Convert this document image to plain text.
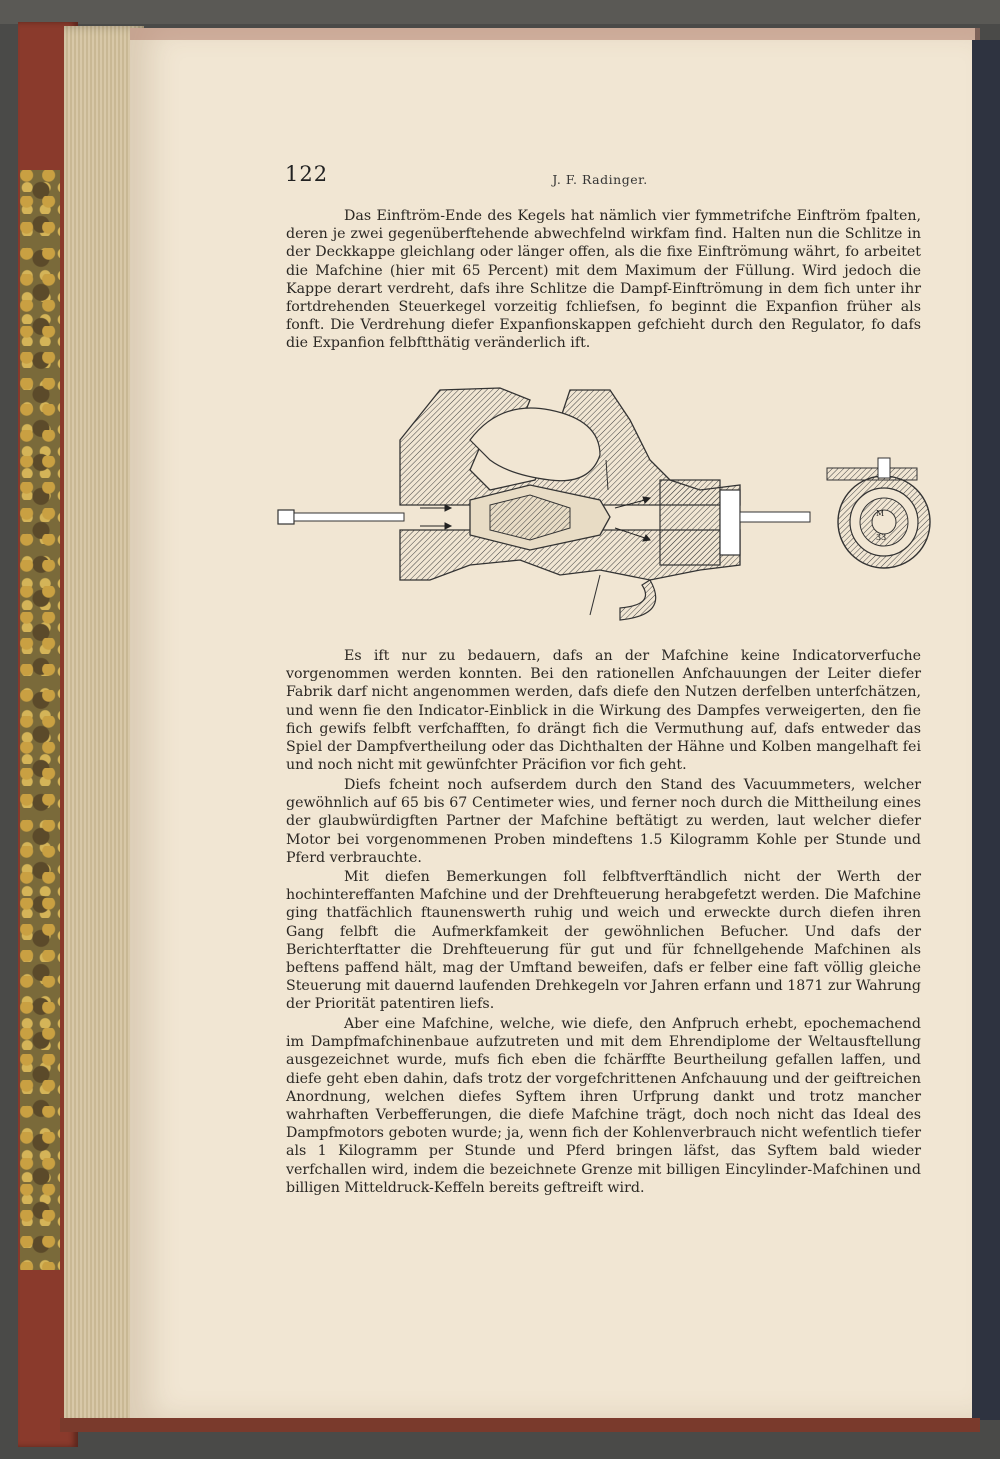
122	J. F. Radinger.

Das Einftröm-Ende des Kegels hat nämlich vier fymmetrifche Einftröm fpalten, deren je zwei gegenüberftehende abwechfelnd wirkfam find. Halten nun die Schlitze in der Deckkappe gleichlang oder länger offen, als die fixe Einftrömung währt, fo arbeitet die Mafchine (hier mit 65 Percent) mit dem Maximum der Füllung. Wird jedoch die Kappe derart verdreht, dafs ihre Schlitze die Dampf-Einftrömung in dem fich unter ihr fortdrehenden Steuerkegel vorzeitig fchliefsen, fo beginnt die Expanfion früher als fonft. Die Verdrehung diefer Expanfionskappen gefchieht durch den Regulator, fo dafs die Expanfion felbftthätig veränderlich ift.

M
33

Es ift nur zu bedauern, dafs an der Mafchine keine Indicatorverfuche vorgenommen werden konnten. Bei den rationellen Anfchauungen der Leiter diefer Fabrik darf nicht angenommen werden, dafs diefe den Nutzen derfelben unterfchätzen, und wenn fie den Indicator-Einblick in die Wirkung des Dampfes verweigerten, den fie fich gewifs felbft verfchafften, fo drängt fich die Vermuthung auf, dafs entweder das Spiel der Dampfvertheilung oder das Dichthalten der Hähne und Kolben mangelhaft fei und noch nicht mit gewünfchter Präcifion vor fich geht.

Diefs fcheint noch aufserdem durch den Stand des Vacuummeters, welcher gewöhnlich auf 65 bis 67 Centimeter wies, und ferner noch durch die Mittheilung eines der glaubwürdigften Partner der Mafchine beftätigt zu werden, laut welcher diefer Motor bei vorgenommenen Proben mindeftens 1.5 Kilogramm Kohle per Stunde und Pferd verbrauchte.

Mit diefen Bemerkungen foll felbftverftändlich nicht der Werth der hochintereffanten Mafchine und der Drehfteuerung herabgefetzt werden. Die Mafchine ging thatfächlich ftaunenswerth ruhig und weich und erweckte durch diefen ihren Gang felbft die Aufmerkfamkeit der gewöhnlichen Befucher. Und dafs der Berichterftatter die Drehfteuerung für gut und für fchnellgehende Mafchinen als beftens paffend hält, mag der Umftand beweifen, dafs er felber eine faft völlig gleiche Steuerung mit dauernd laufenden Drehkegeln vor Jahren erfann und 1871 zur Wahrung der Priorität patentiren liefs.

Aber eine Mafchine, welche, wie diefe, den Anfpruch erhebt, epochemachend im Dampfmafchinenbaue aufzutreten und mit dem Ehrendiplome der Weltausftellung ausgezeichnet wurde, mufs fich eben die fchärffte Beurtheilung gefallen laffen, und diefe geht eben dahin, dafs trotz der vorgefchrittenen Anfchauung und der geiftreichen Anordnung, welchen diefes Syftem ihren Urfprung dankt und trotz mancher wahrhaften Verbefferungen, die diefe Mafchine trägt, doch noch nicht das Ideal des Dampfmotors geboten wurde; ja, wenn fich der Kohlenverbrauch nicht wefentlich tiefer als 1 Kilogramm per Stunde und Pferd bringen läfst, das Syftem bald wieder verfchallen wird, indem die bezeichnete Grenze mit billigen Eincylinder-Mafchinen und billigen Mitteldruck-Keffeln bereits geftreift wird.
